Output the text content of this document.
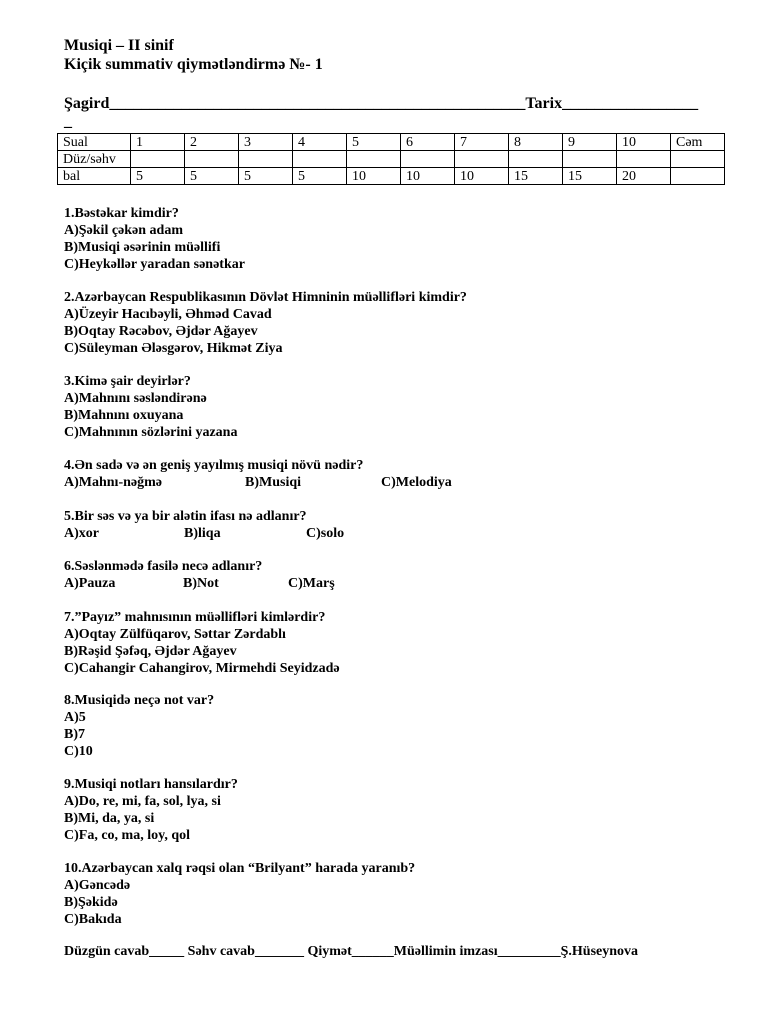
Musiqi – II sinif
Kiçik summativ qiymətləndirmə №- 1
Şagird____________________________________________________Tarix_________________
_
Sual	1	2	3	4	5	6	7	8	9	10	Cəm
Düz/səhv											
bal	5	5	5	5	10	10	10	15	15	20	
1.Bəstəkar kimdir?
A)Şəkil çəkən adam
B)Musiqi əsərinin müəllifi
C)Heykəllər yaradan sənətkar
2.Azərbaycan Respublikasının Dövlət Himninin müəllifləri kimdir?
A)Üzeyir Hacıbəyli, Əhməd Cavad
B)Oqtay Rəcəbov, Əjdər Ağayev
C)Süleyman Ələsgərov, Hikmət Ziya
3.Kimə şair deyirlər?
A)Mahnını səsləndirənə
B)Mahnını oxuyana
C)Mahnının sözlərini yazana
4.Ən sadə və ən geniş yayılmış musiqi növü nədir?
A)Mahnı-nəğmə	B)Musiqi	C)Melodiya
5.Bir səs və ya bir alətin ifası nə adlanır?
A)xor	B)liqa	C)solo
6.Səslənmədə fasilə necə adlanır?
A)Pauza	B)Not	C)Marş
7.”Payız” mahnısının müəllifləri kimlərdir?
A)Oqtay Zülfüqarov, Səttar Zərdablı
B)Rəşid Şəfəq, Əjdər Ağayev
C)Cahangir Cahangirov, Mirmehdi Seyidzadə
8.Musiqidə neçə not var?
A)5
B)7
C)10
9.Musiqi notları hansılardır?
A)Do, re, mi, fa, sol, lya, si
B)Mi, da, ya, si
C)Fa, co, ma, loy, qol
10.Azərbaycan xalq rəqsi olan “Brilyant” harada yaranıb?
A)Gəncədə
B)Şəkidə
C)Bakıda
Düzgün cavab_____ Səhv cavab_______ Qiymət______Müəllimin imzası_________Ş.Hüseynova
